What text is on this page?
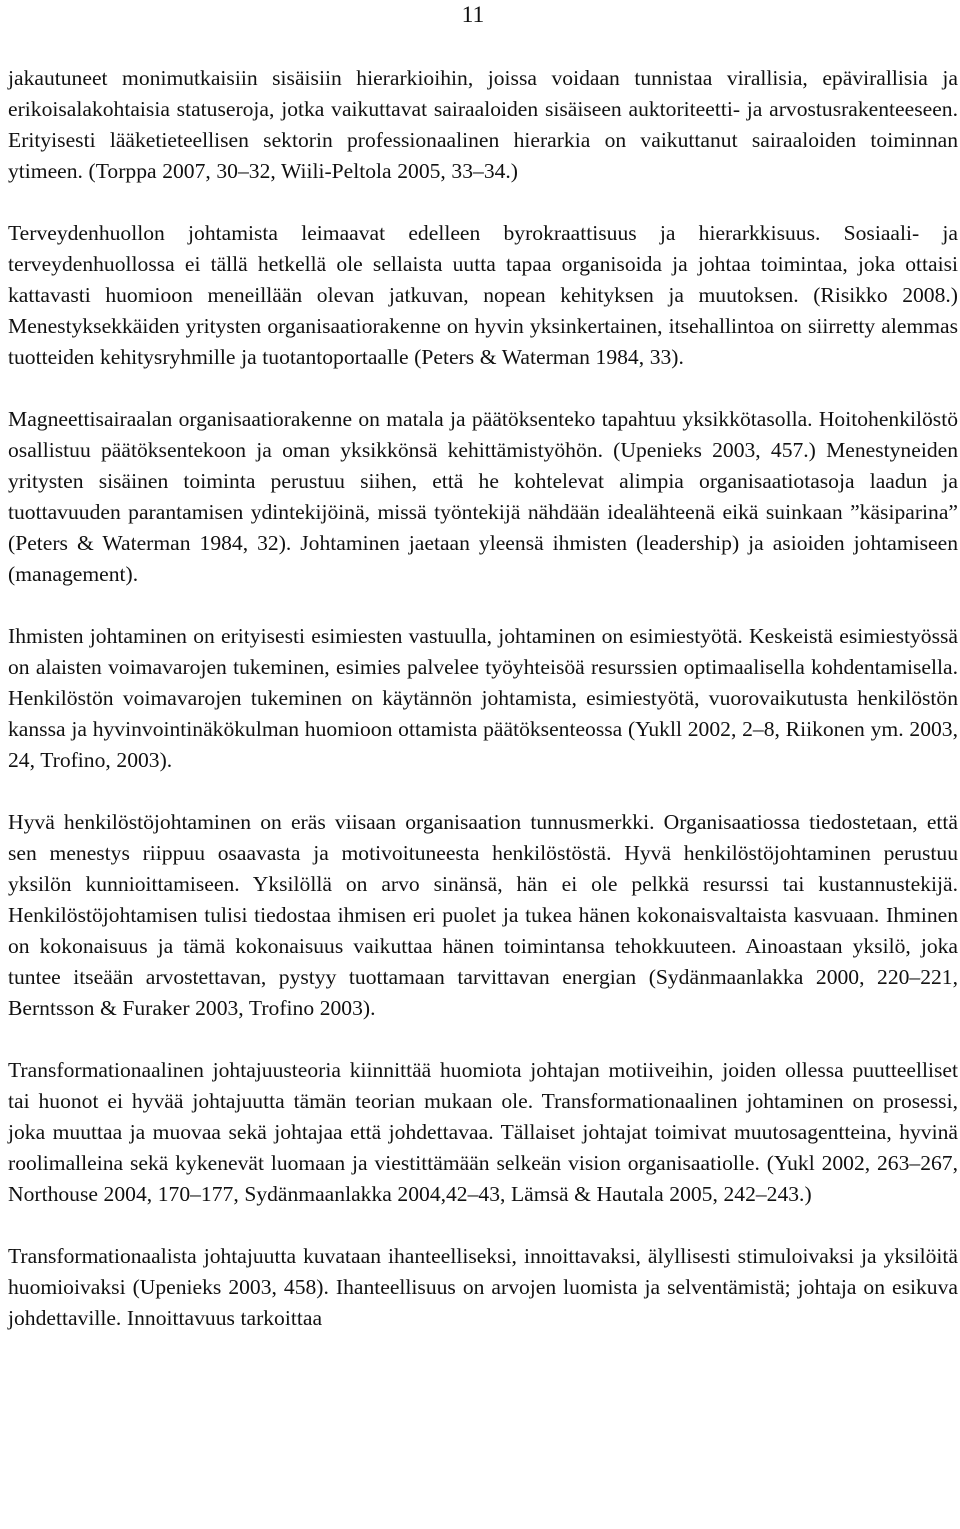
11

jakautuneet monimutkaisiin sisäisiin hierarkioihin, joissa voidaan tunnistaa virallisia, epävirallisia ja erikoisalakohtaisia statuseroja, jotka vaikuttavat sairaaloiden sisäiseen auktoriteetti- ja arvostusrakenteeseen. Erityisesti lääketieteellisen sektorin professionaalinen hierarkia on vaikuttanut sairaaloiden toiminnan ytimeen. (Torppa 2007, 30–32, Wiili-Peltola 2005, 33–34.)

Terveydenhuollon johtamista leimaavat edelleen byrokraattisuus ja hierarkkisuus. Sosiaali- ja terveydenhuollossa ei tällä hetkellä ole sellaista uutta tapaa organisoida ja johtaa toimintaa, joka ottaisi kattavasti huomioon meneillään olevan jatkuvan, nopean kehityksen ja muutoksen. (Risikko 2008.) Menestyksekkäiden yritysten organisaatiorakenne on hyvin yksinkertainen, itsehallintoa on siirretty alemmas tuotteiden kehitysryhmille ja tuotantoportaalle (Peters & Waterman 1984, 33).

Magneettisairaalan organisaatiorakenne on matala ja päätöksenteko tapahtuu yksikkötasolla. Hoitohenkilöstö osallistuu päätöksentekoon ja oman yksikkönsä kehittämistyöhön. (Upenieks 2003, 457.) Menestyneiden yritysten sisäinen toiminta perustuu siihen, että he kohtelevat alimpia organisaatiotasoja laadun ja tuottavuuden parantamisen ydintekijöinä, missä työntekijä nähdään idealähteenä eikä suinkaan ”käsiparina” (Peters & Waterman 1984, 32). Johtaminen jaetaan yleensä ihmisten (leadership) ja asioiden johtamiseen (management).

Ihmisten johtaminen on erityisesti esimiesten vastuulla, johtaminen on esimiestyötä. Keskeistä esimiestyössä on alaisten voimavarojen tukeminen, esimies palvelee työyhteisöä resurssien optimaalisella kohdentamisella. Henkilöstön voimavarojen tukeminen on käytännön johtamista, esimiestyötä, vuorovaikutusta henkilöstön kanssa ja hyvinvointinäkökulman huomioon ottamista päätöksenteossa (Yukll 2002, 2–8, Riikonen ym. 2003, 24, Trofino, 2003).

Hyvä henkilöstöjohtaminen on eräs viisaan organisaation tunnusmerkki. Organisaatiossa tiedostetaan, että sen menestys riippuu osaavasta ja motivoituneesta henkilöstöstä. Hyvä henkilöstöjohtaminen perustuu yksilön kunnioittamiseen. Yksilöllä on arvo sinänsä, hän ei ole pelkkä resurssi tai kustannustekijä. Henkilöstöjohtamisen tulisi tiedostaa ihmisen eri puolet ja tukea hänen kokonaisvaltaista kasvuaan. Ihminen on kokonaisuus ja tämä kokonaisuus vaikuttaa hänen toimintansa tehokkuuteen. Ainoastaan yksilö, joka tuntee itseään arvostettavan, pystyy tuottamaan tarvittavan energian (Sydänmaanlakka 2000, 220–221, Berntsson & Furaker 2003, Trofino 2003).

Transformationaalinen johtajuusteoria kiinnittää huomiota johtajan motiiveihin, joiden ollessa puutteelliset tai huonot ei hyvää johtajuutta tämän teorian mukaan ole. Transformationaalinen johtaminen on prosessi, joka muuttaa ja muovaa sekä johtajaa että johdettavaa. Tällaiset johtajat toimivat muutosagentteina, hyvinä roolimalleina sekä kykenevät luomaan ja viestittämään selkeän vision organisaatiolle. (Yukl 2002, 263–267, Northouse 2004, 170–177, Sydänmaanlakka 2004,42–43, Lämsä & Hautala 2005, 242–243.)

Transformationaalista johtajuutta kuvataan ihanteelliseksi, innoittavaksi, älyllisesti stimuloivaksi ja yksilöitä huomioivaksi (Upenieks 2003, 458). Ihanteellisuus on arvojen luomista ja selventämistä; johtaja on esikuva johdettaville. Innoittavuus tarkoittaa
